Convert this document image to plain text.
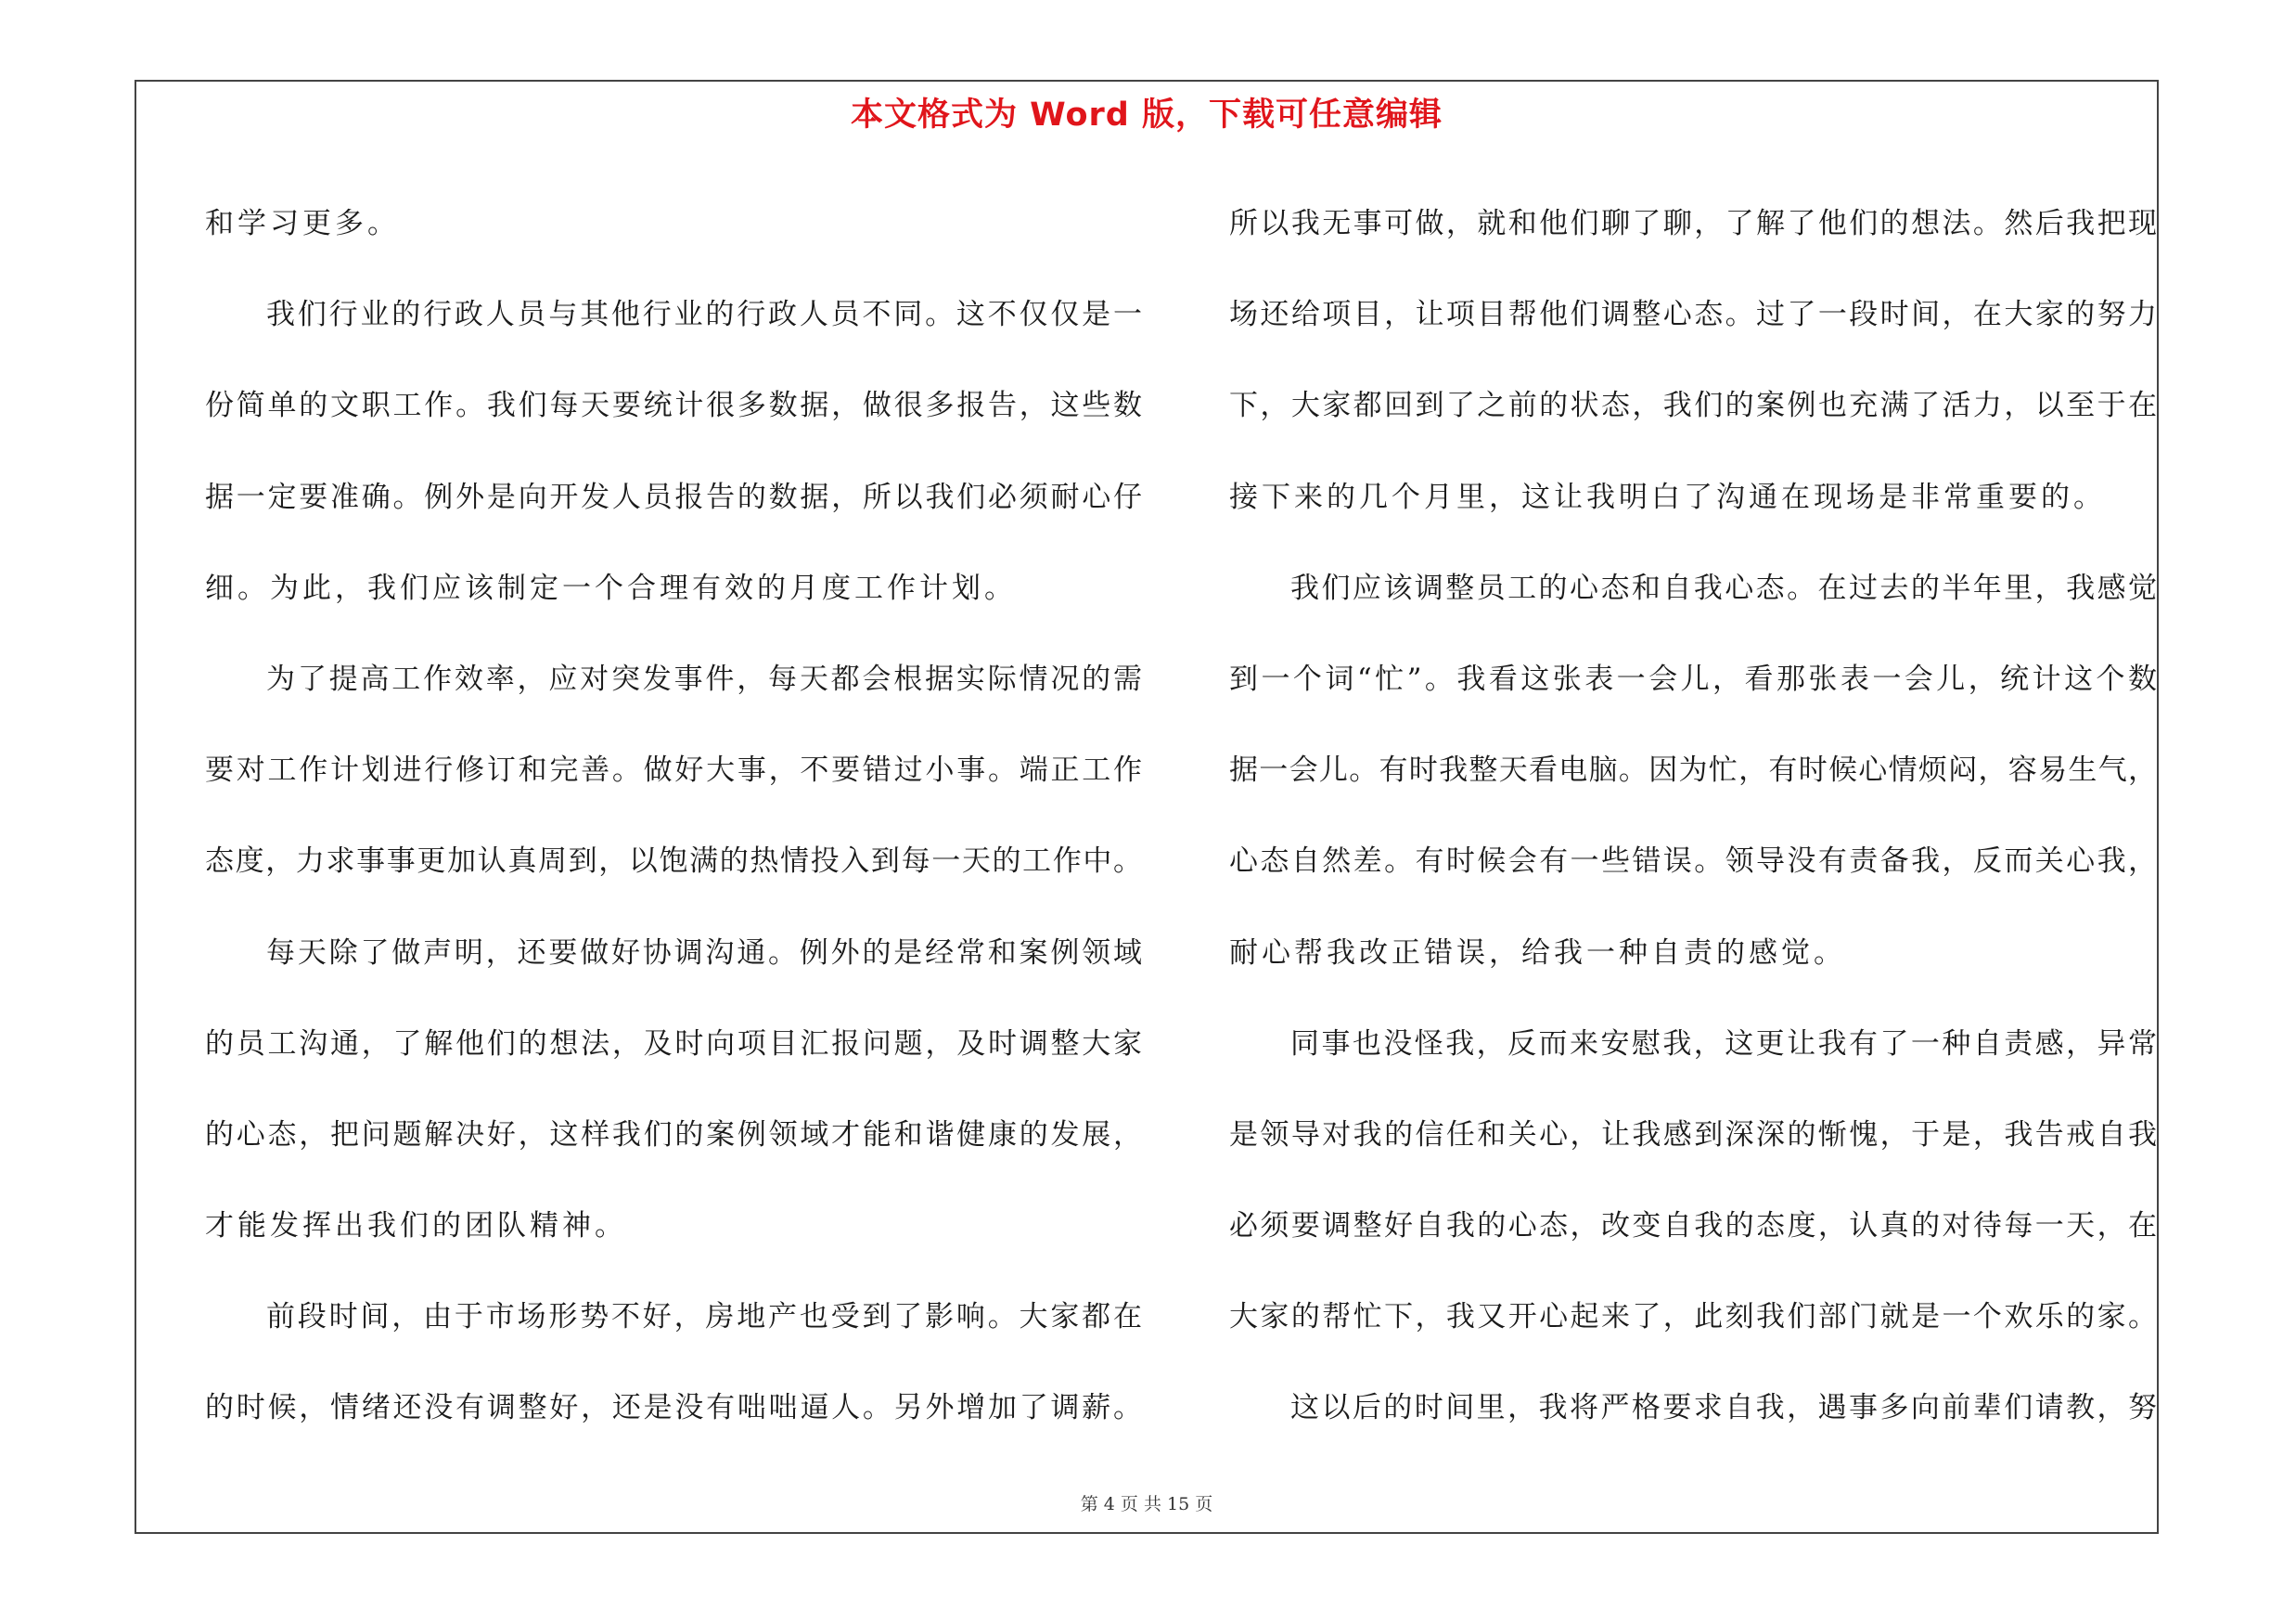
本文格式为 Word 版，下载可任意编辑
和学习更多。
我们行业的行政人员与其他行业的行政人员不同。这不仅仅是一
份简单的文职工作。我们每天要统计很多数据，做很多报告，这些数
据一定要准确。例外是向开发人员报告的数据，所以我们必须耐心仔
细。为此，我们应该制定一个合理有效的月度工作计划。
为了提高工作效率，应对突发事件，每天都会根据实际情况的需
要对工作计划进行修订和完善。做好大事，不要错过小事。端正工作
态度，力求事事更加认真周到，以饱满的热情投入到每一天的工作中。
每天除了做声明，还要做好协调沟通。例外的是经常和案例领域
的员工沟通，了解他们的想法，及时向项目汇报问题，及时调整大家
的心态，把问题解决好，这样我们的案例领域才能和谐健康的发展，
才能发挥出我们的团队精神。
前段时间，由于市场形势不好，房地产也受到了影响。大家都在
的时候，情绪还没有调整好，还是没有咄咄逼人。另外增加了调薪。
所以我无事可做，就和他们聊了聊，了解了他们的想法。然后我把现
场还给项目，让项目帮他们调整心态。过了一段时间，在大家的努力
下，大家都回到了之前的状态，我们的案例也充满了活力，以至于在
接下来的几个月里，这让我明白了沟通在现场是非常重要的。
我们应该调整员工的心态和自我心态。在过去的半年里，我感觉
到一个词“忙”。我看这张表一会儿，看那张表一会儿，统计这个数
据一会儿。有时我整天看电脑。因为忙，有时候心情烦闷，容易生气，
心态自然差。有时候会有一些错误。领导没有责备我，反而关心我，
耐心帮我改正错误，给我一种自责的感觉。
同事也没怪我，反而来安慰我，这更让我有了一种自责感，异常
是领导对我的信任和关心，让我感到深深的惭愧，于是，我告戒自我
必须要调整好自我的心态，改变自我的态度，认真的对待每一天，在
大家的帮忙下，我又开心起来了，此刻我们部门就是一个欢乐的家。
这以后的时间里，我将严格要求自我，遇事多向前辈们请教，努
第 4 页 共 15 页
